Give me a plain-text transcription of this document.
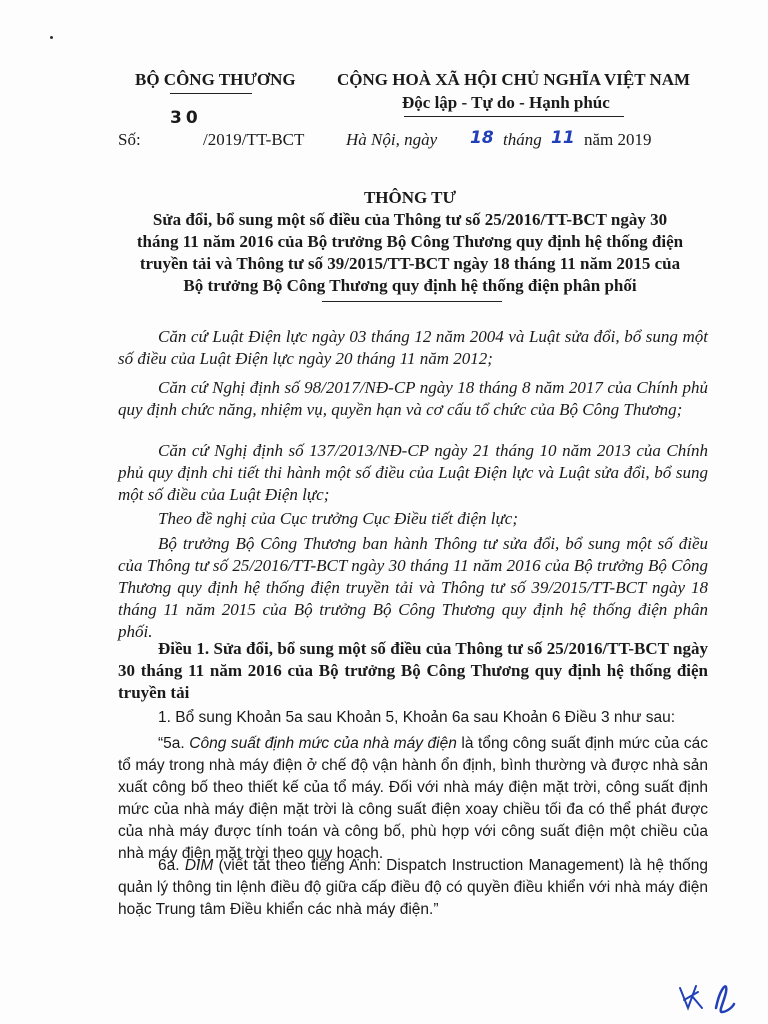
BỘ CÔNG THƯƠNG CỘNG HOÀ XÃ HỘI CHỦ NGHĨA VIỆT NAM
Độc lập - Tự do - Hạnh phúc
30
Số:	/2019/TT-BCT Hà Nội, ngày 18 tháng 11 năm 2019
THÔNG TƯ
Sửa đổi, bổ sung một số điều của Thông tư số 25/2016/TT-BCT ngày 30
tháng 11 năm 2016 của Bộ trưởng Bộ Công Thương quy định hệ thống điện
truyền tải và Thông tư số 39/2015/TT-BCT ngày 18 tháng 11 năm 2015 của
Bộ trưởng Bộ Công Thương quy định hệ thống điện phân phối
Căn cứ Luật Điện lực ngày 03 tháng 12 năm 2004 và Luật sửa đổi, bổ sung một số điều của Luật Điện lực ngày 20 tháng 11 năm 2012;
Căn cứ Nghị định số 98/2017/NĐ-CP ngày 18 tháng 8 năm 2017 của Chính phủ quy định chức năng, nhiệm vụ, quyền hạn và cơ cấu tổ chức của Bộ Công Thương;
Căn cứ Nghị định số 137/2013/NĐ-CP ngày 21 tháng 10 năm 2013 của Chính phủ quy định chi tiết thi hành một số điều của Luật Điện lực và Luật sửa đổi, bổ sung một số điều của Luật Điện lực;
Theo đề nghị của Cục trưởng Cục Điều tiết điện lực;
Bộ trưởng Bộ Công Thương ban hành Thông tư sửa đổi, bổ sung một số điều của Thông tư số 25/2016/TT-BCT ngày 30 tháng 11 năm 2016 của Bộ trưởng Bộ Công Thương quy định hệ thống điện truyền tải và Thông tư số 39/2015/TT-BCT ngày 18 tháng 11 năm 2015 của Bộ trưởng Bộ Công Thương quy định hệ thống điện phân phối.
Điều 1. Sửa đổi, bổ sung một số điều của Thông tư số 25/2016/TT-BCT ngày 30 tháng 11 năm 2016 của Bộ trưởng Bộ Công Thương quy định hệ thống điện truyền tải
1. Bổ sung Khoản 5a sau Khoản 5, Khoản 6a sau Khoản 6 Điều 3 như sau:
“5a. Công suất định mức của nhà máy điện là tổng công suất định mức của các tổ máy trong nhà máy điện ở chế độ vận hành ổn định, bình thường và được nhà sản xuất công bố theo thiết kế của tổ máy. Đối với nhà máy điện mặt trời, công suất định mức của nhà máy điện mặt trời là công suất điện xoay chiều tối đa có thể phát được của nhà máy được tính toán và công bố, phù hợp với công suất điện một chiều của nhà máy điện mặt trời theo quy hoạch.
6a. DIM (viết tắt theo tiếng Anh: Dispatch Instruction Management) là hệ thống quản lý thông tin lệnh điều độ giữa cấp điều độ có quyền điều khiển với nhà máy điện hoặc Trung tâm Điều khiển các nhà máy điện.”
